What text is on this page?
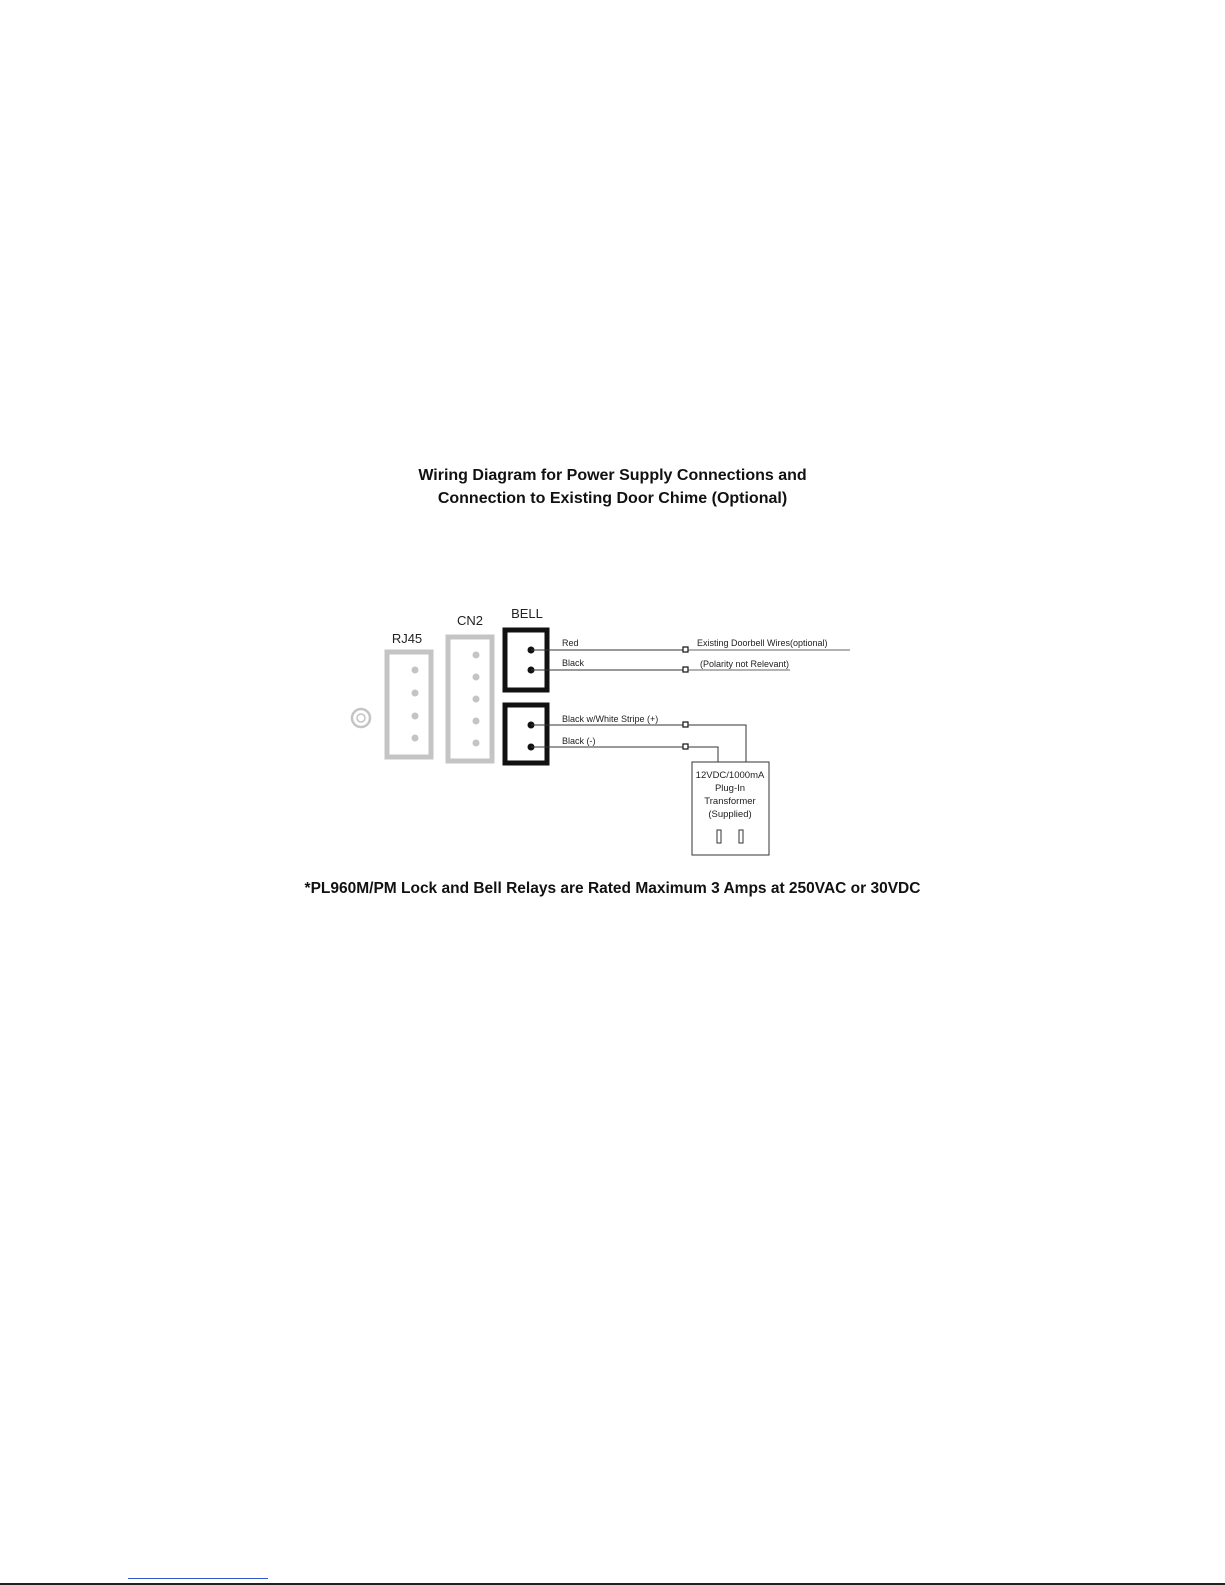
Wiring Diagram for Power Supply Connections and
Connection to Existing Door Chime (Optional)
RJ45
CN2 BELL
Red
Black
Existing Doorbell Wires(optional)
(Polarity not Relevant)
Black w/White Stripe (+)
Black (-)
12VDC/1000mA
Plug-In
Transformer
(Supplied)
*PL960M/PM Lock and Bell Relays are Rated Maximum 3 Amps at 250VAC or 30VDC
